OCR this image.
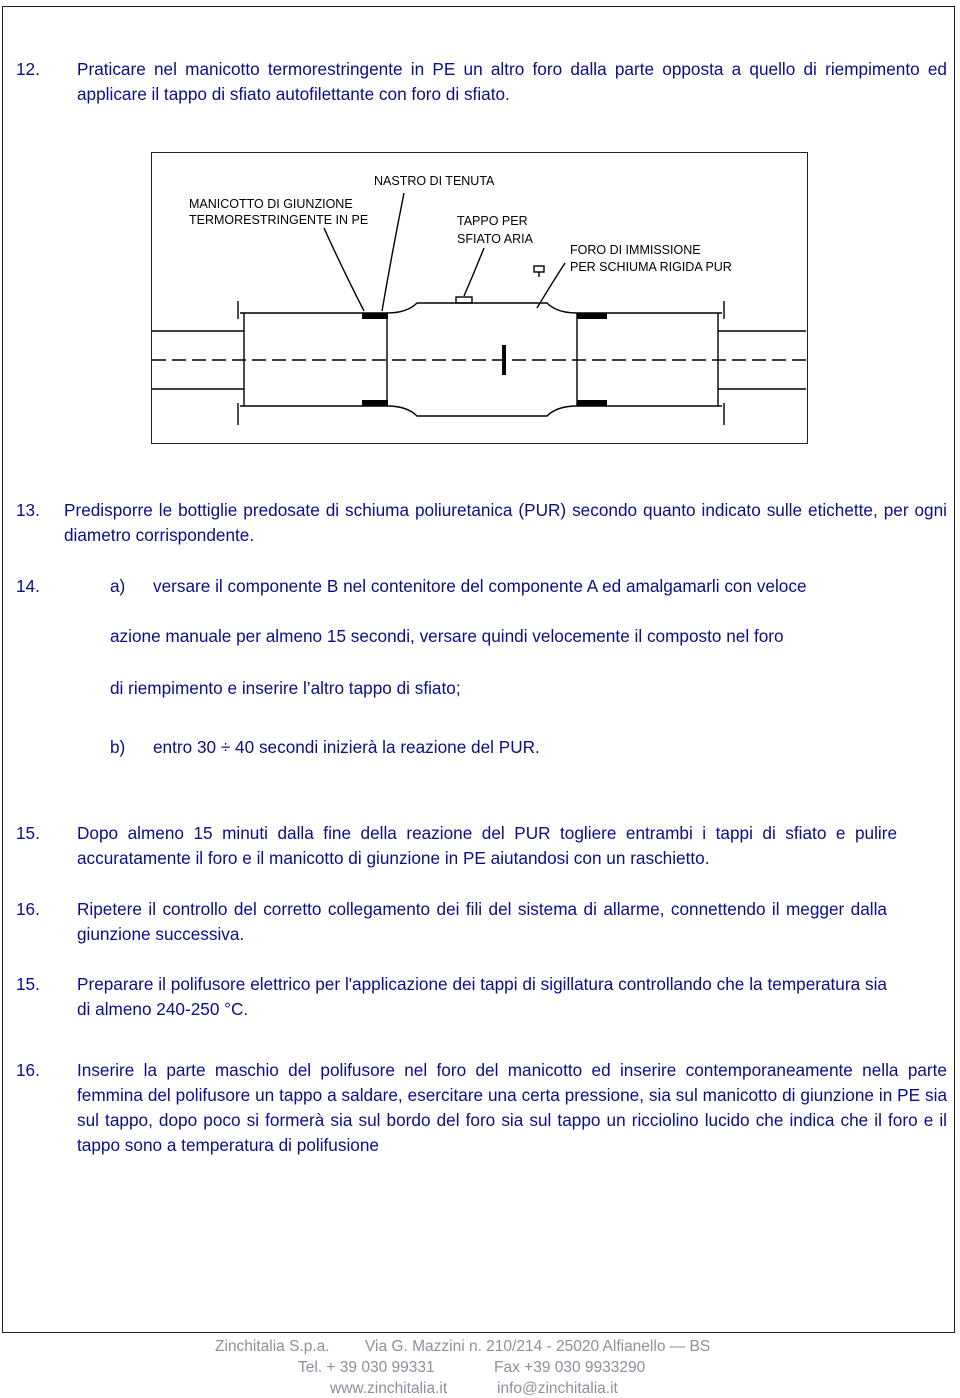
12. Praticare nel manicotto termorestringente in PE un altro foro dalla parte opposta a quello di riempimento ed applicare il tappo di sfiato autofilettante con foro di sfiato.
NASTRO DI TENUTA
MANICOTTO DI GIUNZIONE
TERMORESTRINGENTE IN PE	TAPPO PER
SFIATO ARIA
FORO DI IMMISSIONE
PER SCHIUMA RIGIDA PUR
13. Predisporre le bottiglie predosate di schiuma poliuretanica (PUR) secondo quanto indicato sulle etichette, per ogni diametro corrispondente.
14.	a) versare il componente B nel contenitore del componente A ed amalgamarli con veloce
azione manuale per almeno 15 secondi, versare quindi velocemente il composto nel foro
di riempimento e inserire l’altro tappo di sfiato;
b) entro 30 ÷ 40 secondi inizierà la reazione del PUR.
15. Dopo almeno 15 minuti dalla fine della reazione del PUR togliere entrambi i tappi di sfiato e pulire accuratamente il foro e il manicotto di giunzione in PE aiutandosi con un raschietto.
16. Ripetere il controllo del corretto collegamento dei fili del sistema di allarme, connettendo il megger dalla giunzione successiva.
15. Preparare il polifusore elettrico per l'applicazione dei tappi di sigillatura controllando che la temperatura sia di almeno 240-250 °C.
16. Inserire la parte maschio del polifusore nel foro del manicotto ed inserire contemporaneamente nella parte femmina del polifusore un tappo a saldare, esercitare una certa pressione, sia sul manicotto di giunzione in PE sia sul tappo, dopo poco si formerà sia sul bordo del foro sia sul tappo un ricciolino lucido che indica che il foro e il tappo sono a temperatura di polifusione
Zinchitalia S.p.a. Via G. Mazzini n. 210/214 - 25020 Alfianello — BS
Tel. + 39 030 99331	Fax +39 030 9933290
www.zinchitalia.it	info@zinchitalia.it
